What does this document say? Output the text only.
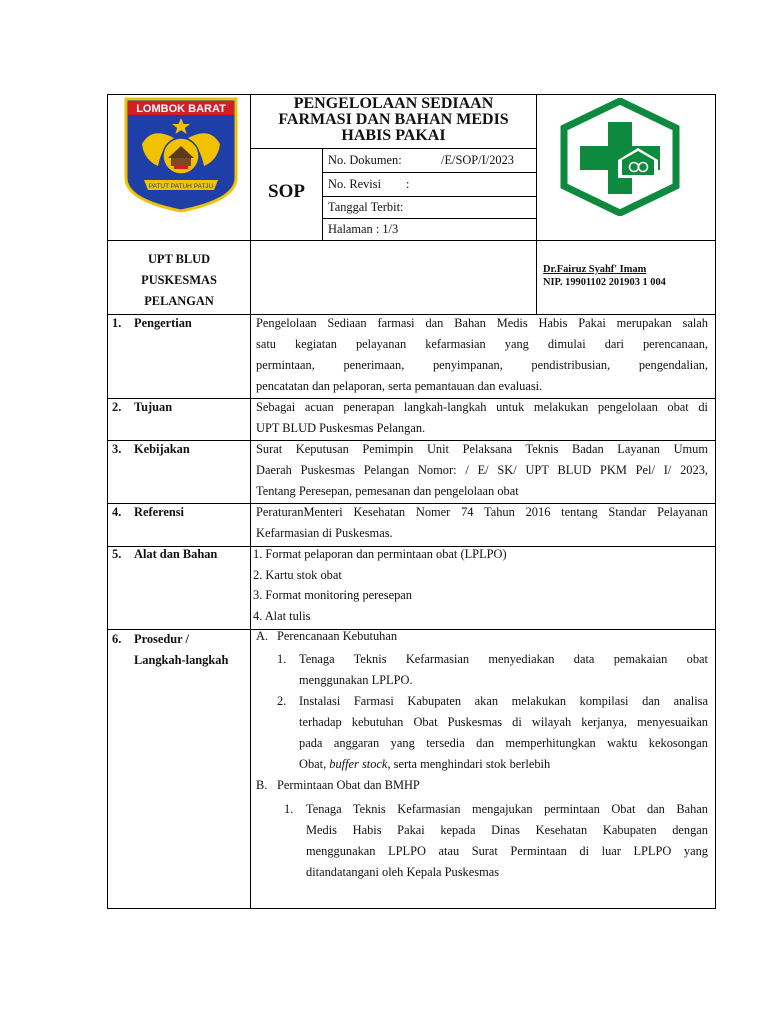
LOMBOK BARAT
PATUT PATUH PATJU
PENGELOLAAN SEDIAAN
FARMASI DAN BAHAN MEDIS
HABIS PAKAI
SOP
No. Dokumen:	/E/SOP/I/2023
No. Revisi :
Tanggal Terbit:
Halaman : 1/3
UPT BLUD
PUSKESMAS
PELANGAN
Dr.Fairuz Syahf' Imam
NIP. 19901102 201903 1 004
1. Pengertian	Pengelolaan Sediaan farmasi dan Bahan Medis Habis Pakai merupakan salah
satu kegiatan pelayanan kefarmasian yang dimulai dari perencanaan,
permintaan, penerimaan, penyimpanan, pendistribusian, pengendalian,
pencatatan dan pelaporan, serta pemantauan dan evaluasi.
2. Tujuan	Sebagai acuan penerapan langkah-langkah untuk melakukan pengelolaan obat di
UPT BLUD Puskesmas Pelangan.
3. Kebijakan	Surat Keputusan Pemimpin Unit Pelaksana Teknis Badan Layanan Umum
Daerah Puskesmas Pelangan Nomor: / E/ SK/ UPT BLUD PKM Pel/ I/ 2023,
Tentang Peresepan, pemesanan dan pengelolaan obat
4. Referensi	PeraturanMenteri Kesehatan Nomer 74 Tahun 2016 tentang Standar Pelayanan
Kefarmasian di Puskesmas.
5. Alat dan Bahan	1. Format pelaporan dan permintaan obat (LPLPO)
2. Kartu stok obat
3. Format monitoring peresepan
4. Alat tulis
6. Prosedur /
Langkah-langkah
A. Perencanaan Kebutuhan
1. Tenaga Teknis Kefarmasian menyediakan data pemakaian obat
menggunakan LPLPO.
2. Instalasi Farmasi Kabupaten akan melakukan kompilasi dan analisa
terhadap kebutuhan Obat Puskesmas di wilayah kerjanya, menyesuaikan
pada anggaran yang tersedia dan memperhitungkan waktu kekosongan
Obat, buffer stock, serta menghindari stok berlebih
B. Permintaan Obat dan BMHP
1. Tenaga Teknis Kefarmasian mengajukan permintaan Obat dan Bahan
Medis Habis Pakai kepada Dinas Kesehatan Kabupaten dengan
menggunakan LPLPO atau Surat Permintaan di luar LPLPO yang
ditandatangani oleh Kepala Puskesmas
